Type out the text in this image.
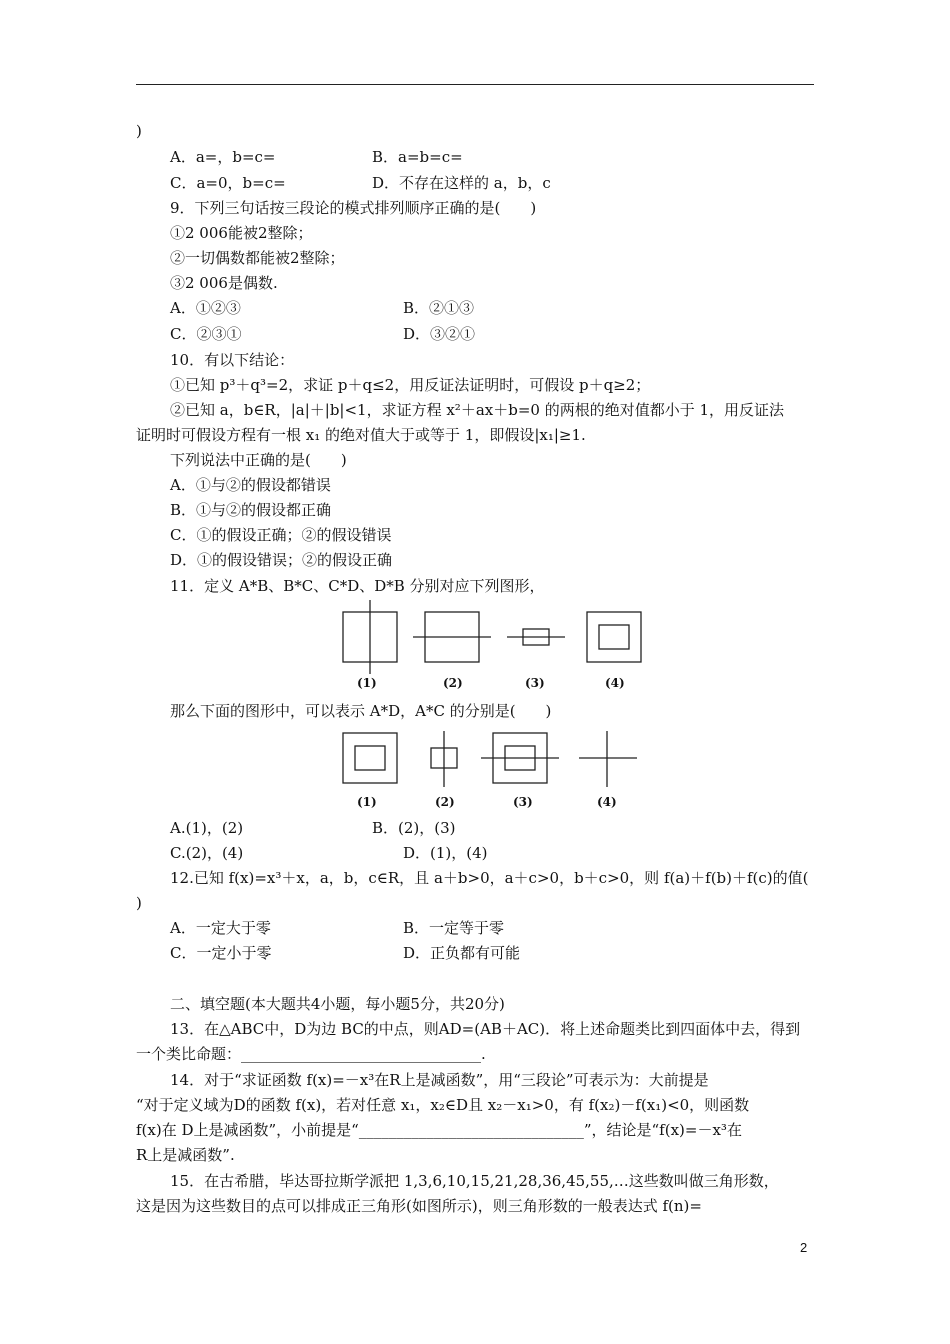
)
A．a=，b=c=	B．a=b=c=
C．a=0，b=c=	D．不存在这样的 a，b，c
9．下列三句话按三段论的模式排列顺序正确的是(　　)
①2 006能被2整除；
②一切偶数都能被2整除；
③2 006是偶数.
A．①②③	B．②①③
C．②③①	D．③②①
10．有以下结论：
①已知 p³＋q³=2，求证 p＋q≤2，用反证法证明时，可假设 p＋q≥2；
②已知 a，b∈R，|a|＋|b|<1，求证方程 x²＋ax＋b=0 的两根的绝对值都小于 1，用反证法
证明时可假设方程有一根 x₁ 的绝对值大于或等于 1，即假设|x₁|≥1.
下列说法中正确的是(　　)
A．①与②的假设都错误
B．①与②的假设都正确
C．①的假设正确；②的假设错误
D．①的假设错误；②的假设正确
11．定义 A*B、B*C、C*D、D*B 分别对应下列图形，
(1)	(2)	(3)	(4)
那么下面的图形中，可以表示 A*D，A*C 的分别是(　　)
(1)	(2)	(3)	(4)
A.(1)，(2)	B．(2)，(3)
C.(2)，(4)	D．(1)，(4)
12.已知 f(x)=x³＋x，a，b，c∈R，且 a＋b>0，a＋c>0，b＋c>0，则 f(a)＋f(b)＋f(c)的值(
)
A．一定大于零	B．一定等于零
C．一定小于零	D．正负都有可能
二、填空题(本大题共4小题，每小题5分，共20分)
13．在△ABC中，D为边 BC的中点，则AD=(AB＋AC)．将上述命题类比到四面体中去，得到
一个类比命题：________________________________.
14．对于“求证函数 f(x)=－x³在R上是减函数”，用“三段论”可表示为：大前提是
“对于定义域为D的函数 f(x)，若对任意 x₁，x₂∈D且 x₂－x₁>0，有 f(x₂)－f(x₁)<0，则函数
f(x)在 D上是减函数”，小前提是“______________________________”，结论是“f(x)=－x³在
R上是减函数”.
15．在古希腊，毕达哥拉斯学派把 1,3,6,10,15,21,28,36,45,55,…这些数叫做三角形数，
这是因为这些数目的点可以排成正三角形(如图所示)，则三角形数的一般表达式 f(n)=
2
